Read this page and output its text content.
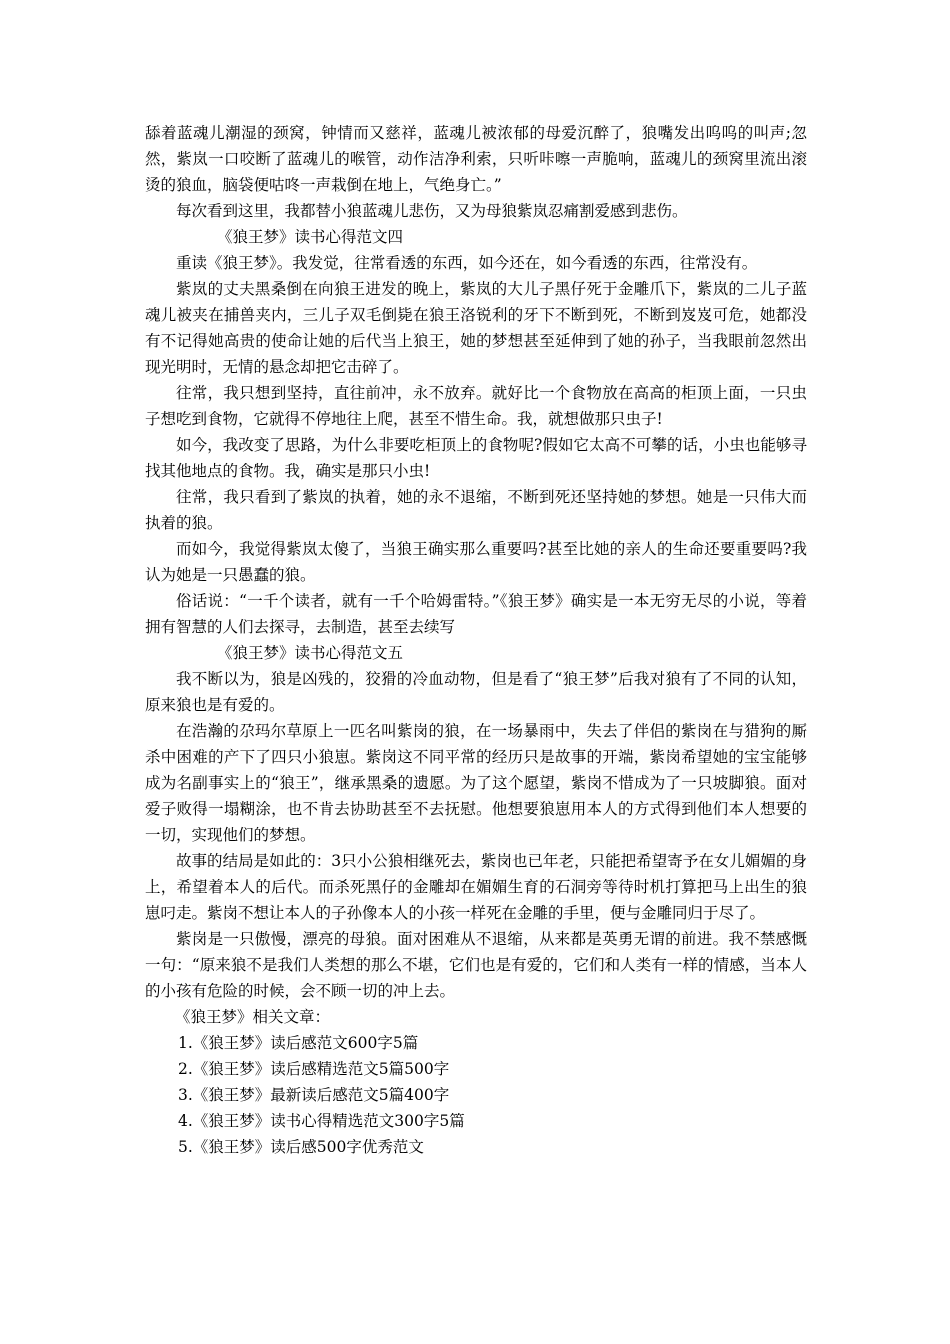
舔着蓝魂儿潮湿的颈窝，钟情而又慈祥，蓝魂儿被浓郁的母爱沉醉了，狼嘴发出呜呜的叫声;忽然，紫岚一口咬断了蓝魂儿的喉管，动作洁净利索，只听咔嚓一声脆响，蓝魂儿的颈窝里流出滚烫的狼血，脑袋便咕咚一声栽倒在地上，气绝身亡。”

每次看到这里，我都替小狼蓝魂儿悲伤，又为母狼紫岚忍痛割爱感到悲伤。

《狼王梦》读书心得范文四

重读《狼王梦》。我发觉，往常看透的东西，如今还在，如今看透的东西，往常没有。

紫岚的丈夫黑桑倒在向狼王进发的晚上，紫岚的大儿子黑仔死于金雕爪下，紫岚的二儿子蓝魂儿被夹在捕兽夹内，三儿子双毛倒毙在狼王洛锐利的牙下不断到死，不断到岌岌可危，她都没有不记得她高贵的使命让她的后代当上狼王，她的梦想甚至延伸到了她的孙子，当我眼前忽然出现光明时，无情的悬念却把它击碎了。

往常，我只想到坚持，直往前冲，永不放弃。就好比一个食物放在高高的柜顶上面，一只虫子想吃到食物，它就得不停地往上爬，甚至不惜生命。我，就想做那只虫子!

如今，我改变了思路，为什么非要吃柜顶上的食物呢?假如它太高不可攀的话，小虫也能够寻找其他地点的食物。我，确实是那只小虫!

往常，我只看到了紫岚的执着，她的永不退缩，不断到死还坚持她的梦想。她是一只伟大而执着的狼。

而如今，我觉得紫岚太傻了，当狼王确实那么重要吗?甚至比她的亲人的生命还要重要吗?我认为她是一只愚蠢的狼。

俗话说：“一千个读者，就有一千个哈姆雷特。”《狼王梦》确实是一本无穷无尽的小说，等着拥有智慧的人们去探寻，去制造，甚至去续写

《狼王梦》读书心得范文五

我不断以为，狼是凶残的，狡猾的冷血动物，但是看了“狼王梦”后我对狼有了不同的认知，原来狼也是有爱的。

在浩瀚的尕玛尔草原上一匹名叫紫岗的狼，在一场暴雨中，失去了伴侣的紫岗在与猎狗的厮杀中困难的产下了四只小狼崽。紫岗这不同平常的经历只是故事的开端，紫岗希望她的宝宝能够成为名副事实上的“狼王”，继承黑桑的遗愿。为了这个愿望，紫岗不惜成为了一只坡脚狼。面对爱子败得一塌糊涂，也不肯去协助甚至不去抚慰。他想要狼崽用本人的方式得到他们本人想要的一切，实现他们的梦想。

故事的结局是如此的：3只小公狼相继死去，紫岗也已年老，只能把希望寄予在女儿媚媚的身上，希望着本人的后代。而杀死黑仔的金雕却在媚媚生育的石洞旁等待时机打算把马上出生的狼崽叼走。紫岗不想让本人的子孙像本人的小孩一样死在金雕的手里，便与金雕同归于尽了。

紫岗是一只傲慢，漂亮的母狼。面对困难从不退缩，从来都是英勇无谓的前进。我不禁感慨一句：“原来狼不是我们人类想的那么不堪，它们也是有爱的，它们和人类有一样的情感，当本人的小孩有危险的时候，会不顾一切的冲上去。

《狼王梦》相关文章：

1.《狼王梦》读后感范文600字5篇
2.《狼王梦》读后感精选范文5篇500字
3.《狼王梦》最新读后感范文5篇400字
4.《狼王梦》读书心得精选范文300字5篇
5.《狼王梦》读后感500字优秀范文
